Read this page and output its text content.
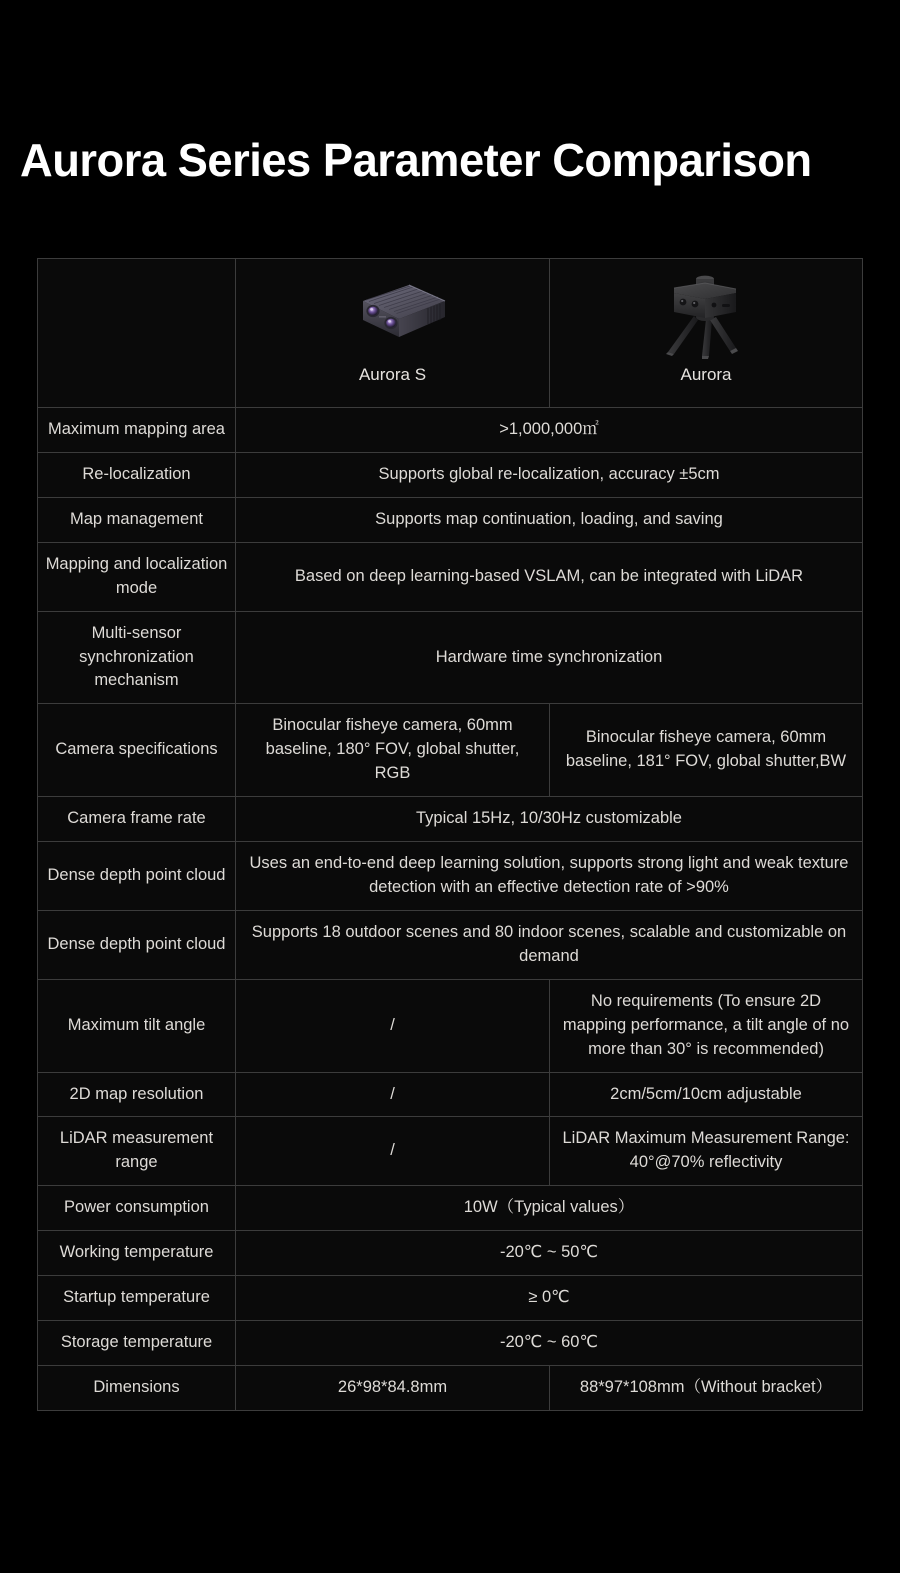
Aurora Series Parameter Comparison

	Aurora S	Aurora

Maximum mapping area	>1,000,000㎡	
Re-localization	Supports global re-localization, accuracy ±5cm	
Map management	Supports map continuation, loading, and saving	
Mapping and localization mode	Based on deep learning-based VSLAM, can be integrated with LiDAR	
Multi-sensor synchronization mechanism	Hardware time synchronization	
Camera specifications	Binocular fisheye camera, 60mm baseline, 180° FOV, global shutter, RGB	Binocular fisheye camera, 60mm baseline, 181° FOV, global shutter,BW
Camera frame rate	Typical 15Hz, 10/30Hz customizable	
Dense depth point cloud	Uses an end-to-end deep learning solution, supports strong light and weak texture detection with an effective detection rate of >90%	
Dense depth point cloud	Supports 18 outdoor scenes and 80 indoor scenes, scalable and customizable on demand	
Maximum tilt angle	/	No requirements (To ensure 2D mapping performance, a tilt angle of no more than 30° is recommended)
2D map resolution	/	2cm/5cm/10cm adjustable
LiDAR measurement range	/	LiDAR Maximum Measurement Range: 40°@70% reflectivity
Power consumption	10W（Typical values）	
Working temperature	-20℃ ~ 50℃	
Startup temperature	≥ 0℃	
Storage temperature	-20℃ ~ 60℃	
Dimensions	26*98*84.8mm	88*97*108mm（Without bracket）
